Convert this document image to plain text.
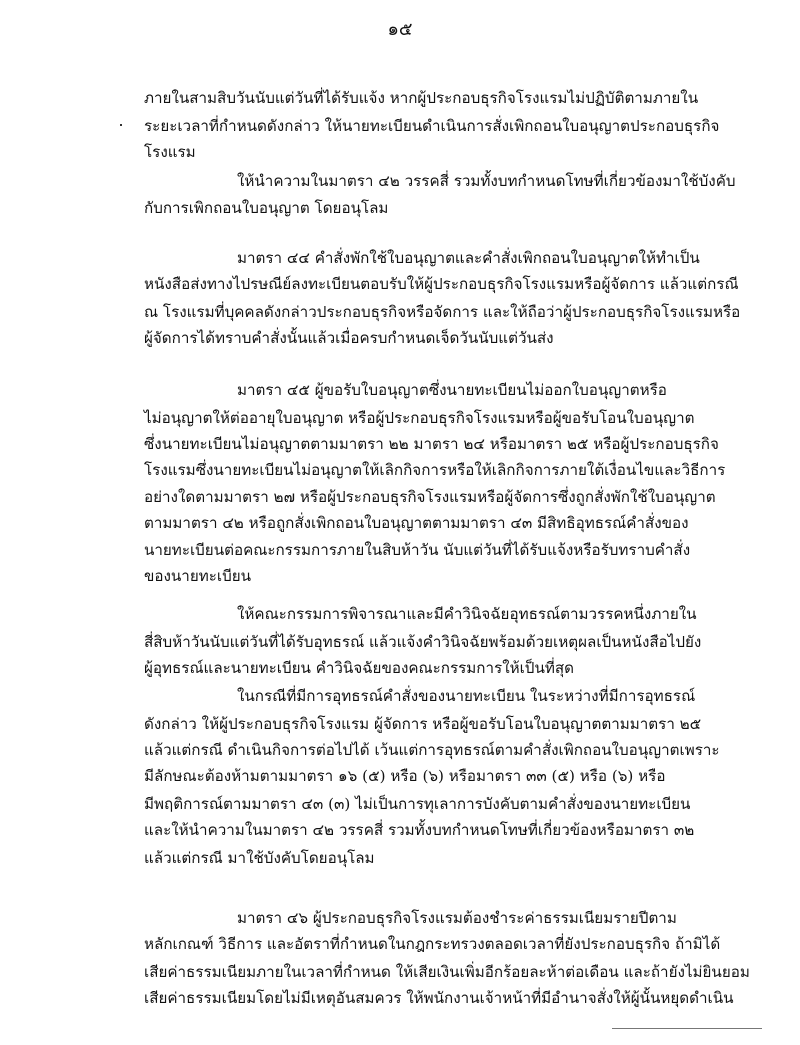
๑๕
ภายในสามสิบวันนับแต่วันที่ได้รับแจ้ง หากผู้ประกอบธุรกิจโรงแรมไม่ปฏิบัติตามภายใน
ระยะเวลาที่กำหนดดังกล่าว ให้นายทะเบียนดำเนินการสั่งเพิกถอนใบอนุญาตประกอบธุรกิจ
โรงแรม
ให้นำความในมาตรา ๔๒ วรรคสี่ รวมทั้งบทกำหนดโทษที่เกี่ยวข้องมาใช้บังคับ
กับการเพิกถอนใบอนุญาต โดยอนุโลม
มาตรา ๔๔ คำสั่งพักใช้ใบอนุญาตและคำสั่งเพิกถอนใบอนุญาตให้ทำเป็น
หนังสือส่งทางไปรษณีย์ลงทะเบียนตอบรับให้ผู้ประกอบธุรกิจโรงแรมหรือผู้จัดการ แล้วแต่กรณี
ณ โรงแรมที่บุคคลดังกล่าวประกอบธุรกิจหรือจัดการ และให้ถือว่าผู้ประกอบธุรกิจโรงแรมหรือ
ผู้จัดการได้ทราบคำสั่งนั้นแล้วเมื่อครบกำหนดเจ็ดวันนับแต่วันส่ง
มาตรา ๔๕ ผู้ขอรับใบอนุญาตซึ่งนายทะเบียนไม่ออกใบอนุญาตหรือ
ไม่อนุญาตให้ต่ออายุใบอนุญาต หรือผู้ประกอบธุรกิจโรงแรมหรือผู้ขอรับโอนใบอนุญาต
ซึ่งนายทะเบียนไม่อนุญาตตามมาตรา ๒๒ มาตรา ๒๔ หรือมาตรา ๒๕ หรือผู้ประกอบธุรกิจ
โรงแรมซึ่งนายทะเบียนไม่อนุญาตให้เลิกกิจการหรือให้เลิกกิจการภายใต้เงื่อนไขและวิธีการ
อย่างใดตามมาตรา ๒๗ หรือผู้ประกอบธุรกิจโรงแรมหรือผู้จัดการซึ่งถูกสั่งพักใช้ใบอนุญาต
ตามมาตรา ๔๒ หรือถูกสั่งเพิกถอนใบอนุญาตตามมาตรา ๔๓ มีสิทธิอุทธรณ์คำสั่งของ
นายทะเบียนต่อคณะกรรมการภายในสิบห้าวัน นับแต่วันที่ได้รับแจ้งหรือรับทราบคำสั่ง
ของนายทะเบียน
ให้คณะกรรมการพิจารณาและมีคำวินิจฉัยอุทธรณ์ตามวรรคหนึ่งภายใน
สี่สิบห้าวันนับแต่วันที่ได้รับอุทธรณ์ แล้วแจ้งคำวินิจฉัยพร้อมด้วยเหตุผลเป็นหนังสือไปยัง
ผู้อุทธรณ์และนายทะเบียน คำวินิจฉัยของคณะกรรมการให้เป็นที่สุด
ในกรณีที่มีการอุทธรณ์คำสั่งของนายทะเบียน ในระหว่างที่มีการอุทธรณ์
ดังกล่าว ให้ผู้ประกอบธุรกิจโรงแรม ผู้จัดการ หรือผู้ขอรับโอนใบอนุญาตตามมาตรา ๒๕
แล้วแต่กรณี ดำเนินกิจการต่อไปได้ เว้นแต่การอุทธรณ์ตามคำสั่งเพิกถอนใบอนุญาตเพราะ
มีลักษณะต้องห้ามตามมาตรา ๑๖ (๕) หรือ (๖) หรือมาตรา ๓๓ (๕) หรือ (๖) หรือ
มีพฤติการณ์ตามมาตรา ๔๓ (๓) ไม่เป็นการทุเลาการบังคับตามคำสั่งของนายทะเบียน
และให้นำความในมาตรา ๔๒ วรรคสี่ รวมทั้งบทกำหนดโทษที่เกี่ยวข้องหรือมาตรา ๓๒
แล้วแต่กรณี มาใช้บังคับโดยอนุโลม
มาตรา ๔๖ ผู้ประกอบธุรกิจโรงแรมต้องชำระค่าธรรมเนียมรายปีตาม
หลักเกณฑ์ วิธีการ และอัตราที่กำหนดในกฎกระทรวงตลอดเวลาที่ยังประกอบธุรกิจ ถ้ามิได้
เสียค่าธรรมเนียมภายในเวลาที่กำหนด ให้เสียเงินเพิ่มอีกร้อยละห้าต่อเดือน และถ้ายังไม่ยินยอม
เสียค่าธรรมเนียมโดยไม่มีเหตุอันสมควร ให้พนักงานเจ้าหน้าที่มีอำนาจสั่งให้ผู้นั้นหยุดดำเนิน
